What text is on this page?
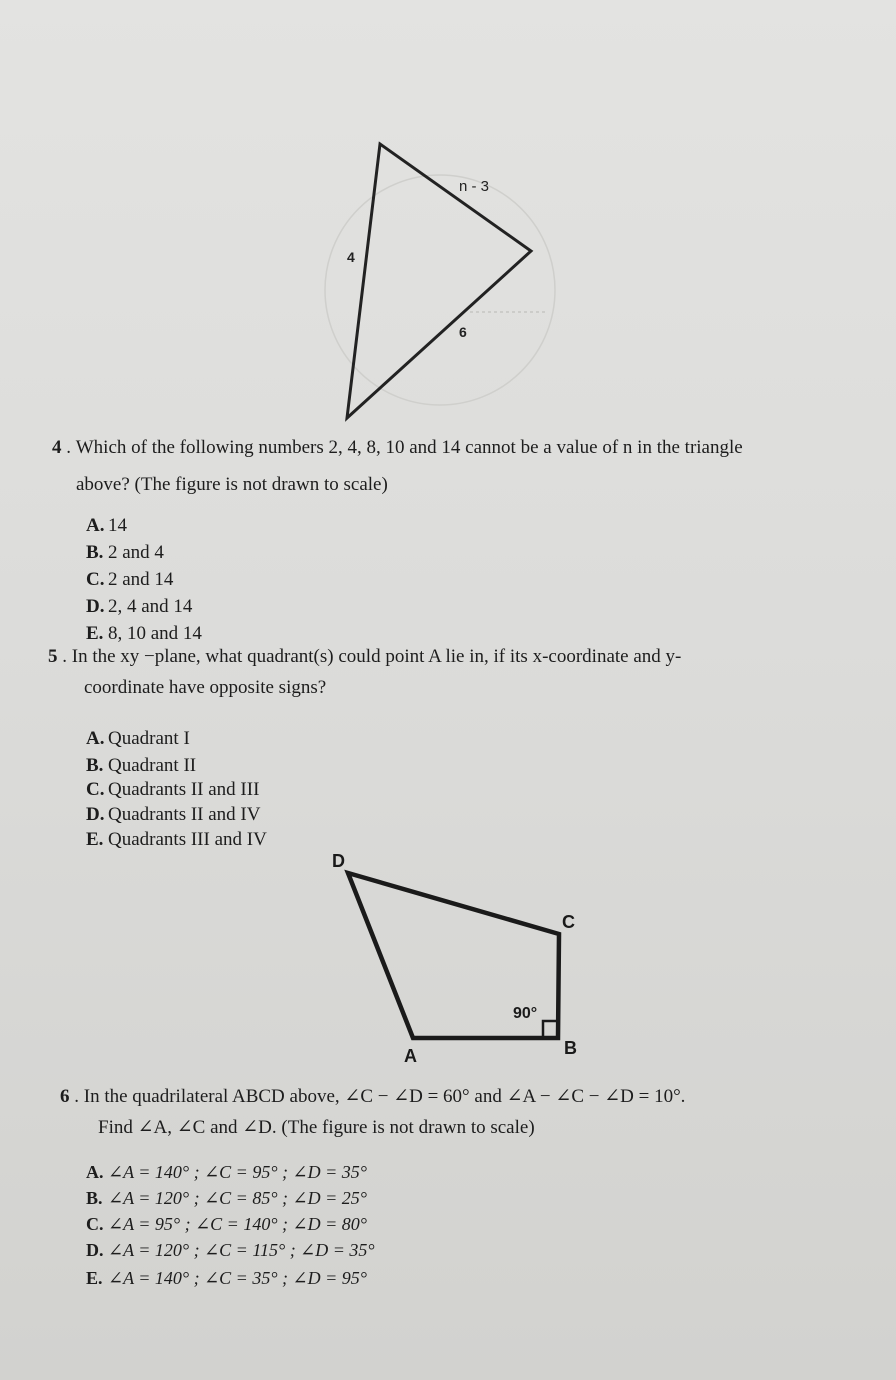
n - 3
4
6
4 . Which of the following numbers 2, 4, 8, 10 and 14 cannot be a value of n in the triangle
above? (The figure is not drawn to scale)
A. 14
B. 2 and 4
C. 2 and 14
D. 2, 4 and 14
E. 8, 10 and 14
5 . In the xy −plane, what quadrant(s) could point A lie in, if its x-coordinate and y-
coordinate have opposite signs?
A. Quadrant I
B. Quadrant II
C. Quadrants II and III
D. Quadrants II and IV
E. Quadrants III and IV
D
C
90°
A	B
6 . In the quadrilateral ABCD above, ∠C − ∠D = 60° and ∠A − ∠C − ∠D = 10°.
Find ∠A, ∠C and ∠D. (The figure is not drawn to scale)
A. ∠A = 140° ; ∠C = 95° ; ∠D = 35°
B. ∠A = 120° ; ∠C = 85° ; ∠D = 25°
C. ∠A = 95° ; ∠C = 140° ; ∠D = 80°
D. ∠A = 120° ; ∠C = 115° ; ∠D = 35°
E. ∠A = 140° ; ∠C = 35° ; ∠D = 95°
